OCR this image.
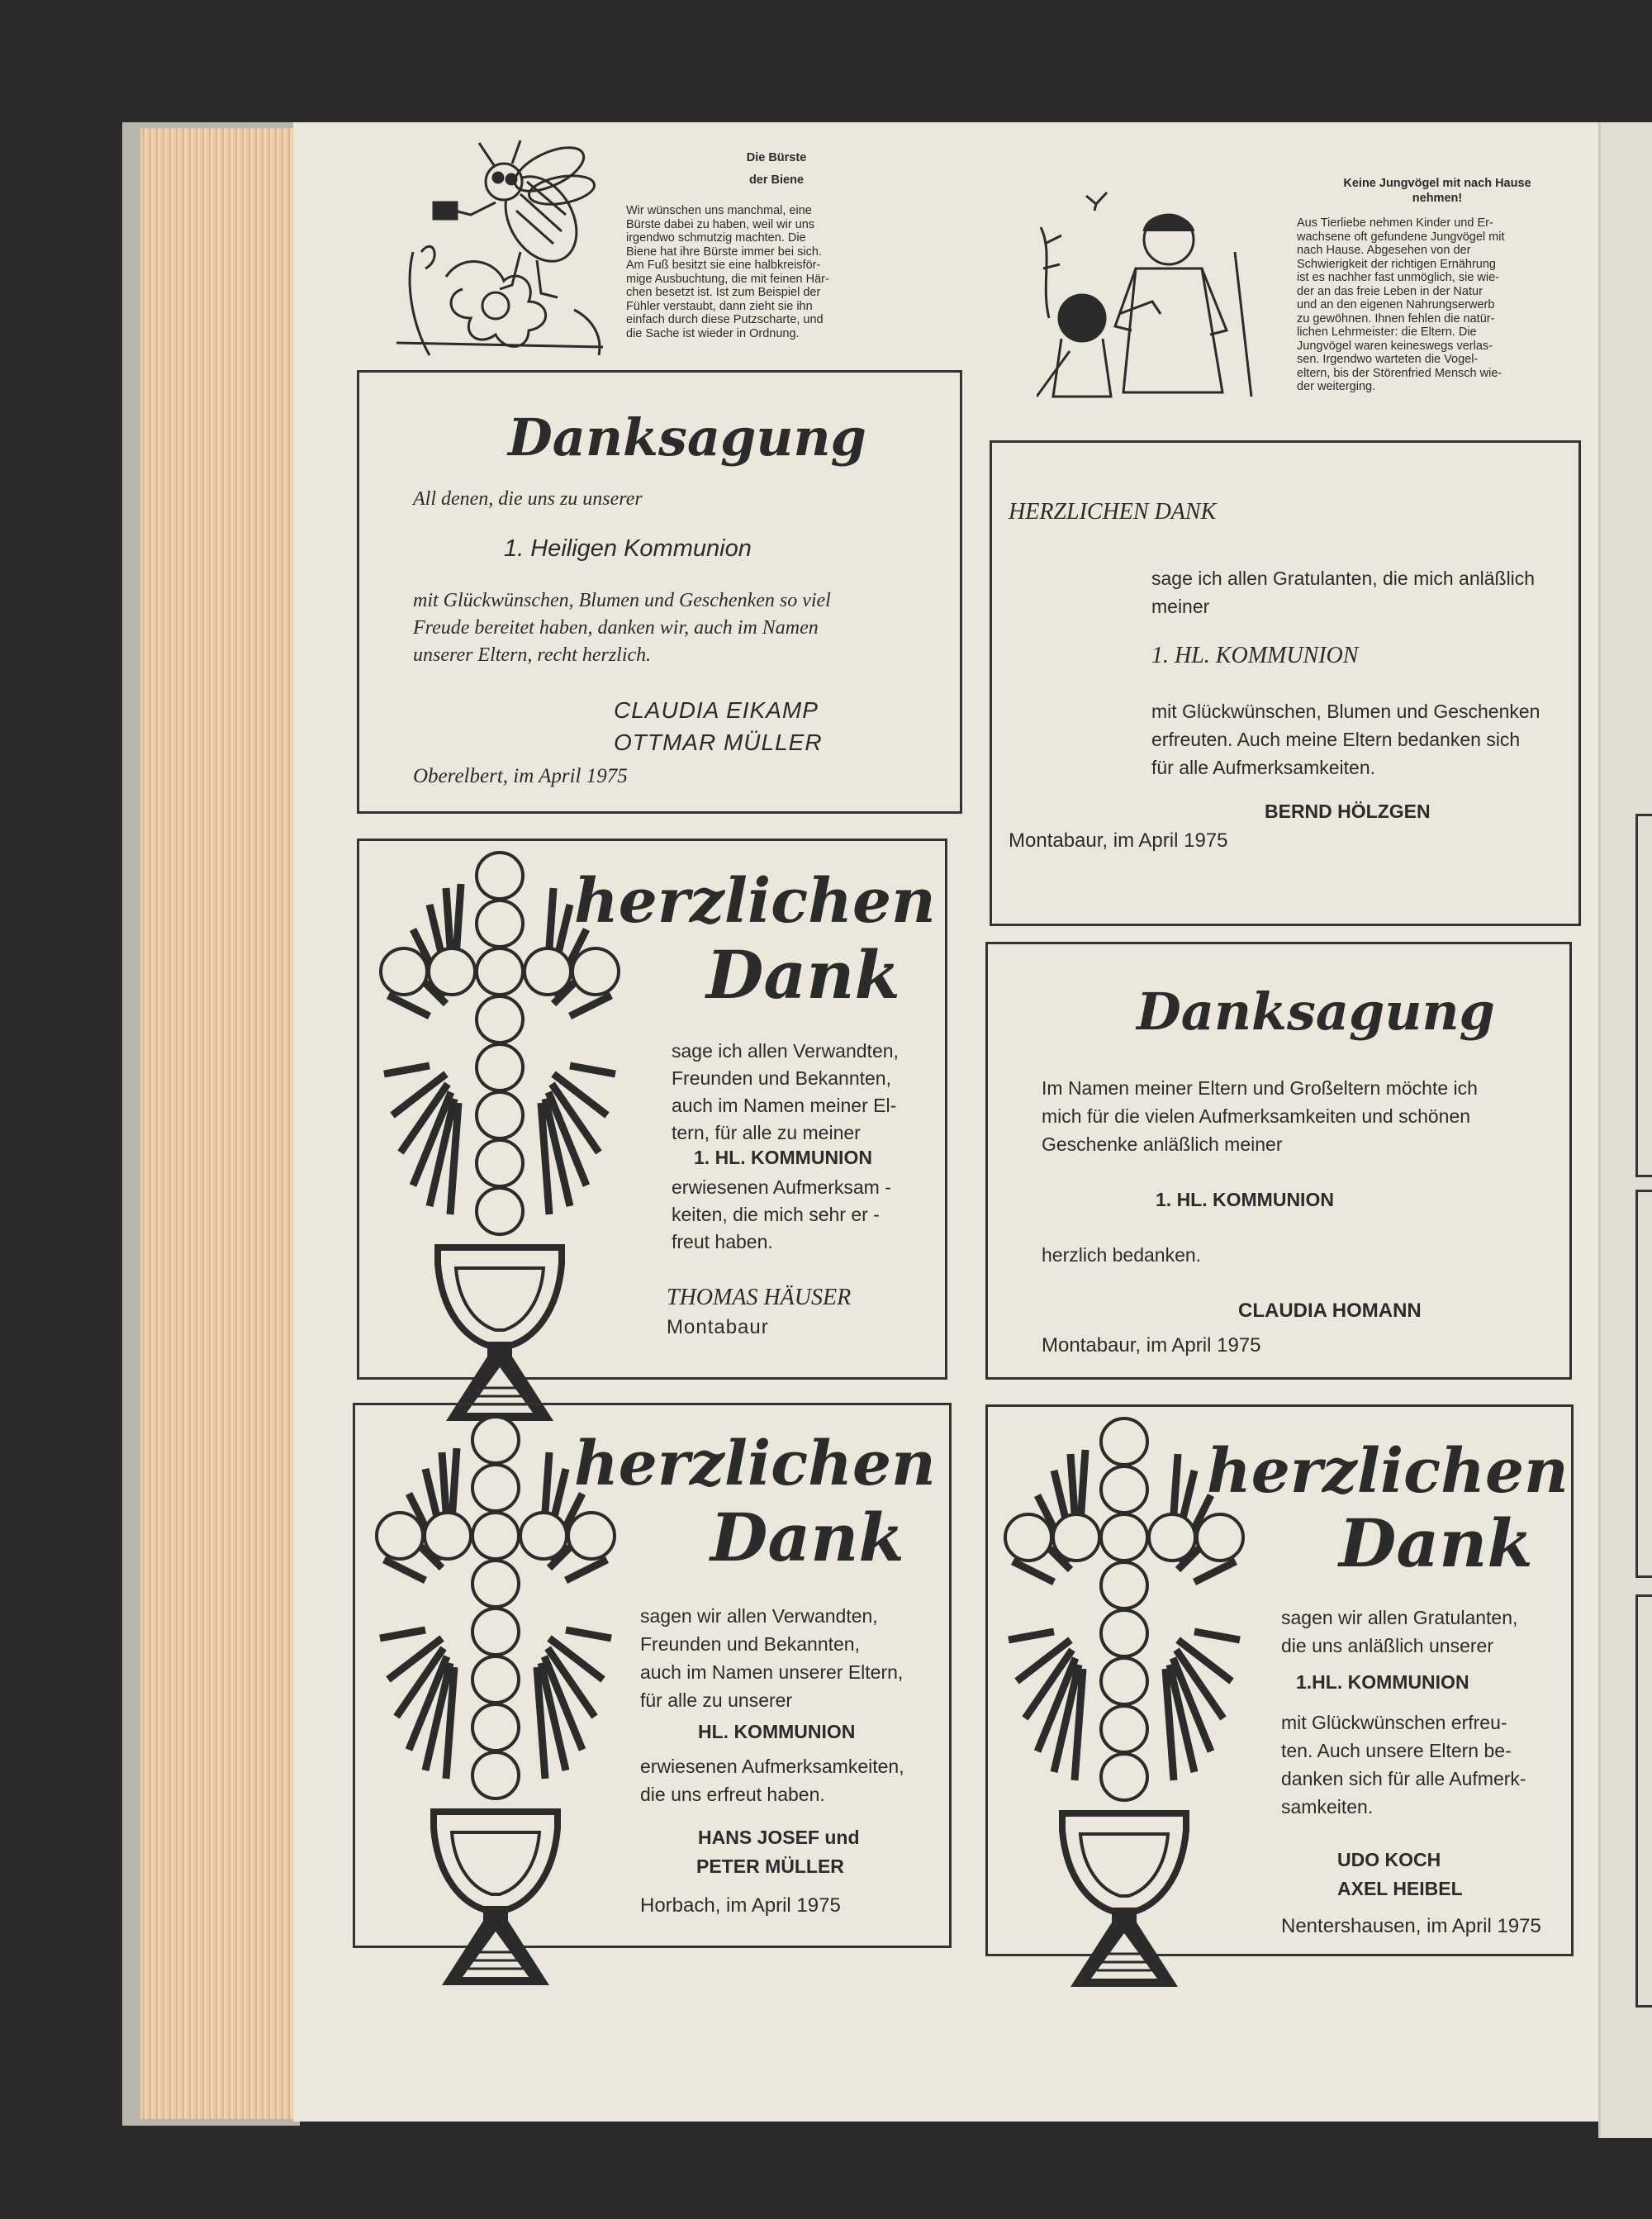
Die Bürste
der Biene
Wir wünschen uns manchmal, eine
Bürste dabei zu haben, weil wir uns
irgendwo schmutzig machten. Die
Biene hat ihre Bürste immer bei sich.
Am Fuß besitzt sie eine halbkreisför-
mige Ausbuchtung, die mit feinen Här-
chen besetzt ist. Ist zum Beispiel der
Fühler verstaubt, dann zieht sie ihn
einfach durch diese Putzscharte, und
die Sache ist wieder in Ordnung.
Keine Jungvögel mit nach Hause
nehmen!
Aus Tierliebe nehmen Kinder und Er-
wachsene oft gefundene Jungvögel mit
nach Hause. Abgesehen von der
Schwierigkeit der richtigen Ernährung
ist es nachher fast unmöglich, sie wie-
der an das freie Leben in der Natur
und an den eigenen Nahrungserwerb
zu gewöhnen. Ihnen fehlen die natür-
lichen Lehrmeister: die Eltern. Die
Jungvögel waren keineswegs verlas-
sen. Irgendwo warteten die Vogel-
eltern, bis der Störenfried Mensch wie-
der weiterging.
Danksagung
All denen, die uns zu unserer
1. Heiligen Kommunion
mit Glückwünschen, Blumen und Geschenken so viel
Freude bereitet haben, danken wir, auch im Namen
unserer Eltern, recht herzlich.
CLAUDIA EIKAMP
OTTMAR MÜLLER
Oberelbert, im April 1975
HERZLICHEN DANK
sage ich allen Gratulanten, die mich anläßlich
meiner
1. HL. KOMMUNION
mit Glückwünschen, Blumen und Geschenken
erfreuten. Auch meine Eltern bedanken sich
für alle Aufmerksamkeiten.
BERND HÖLZGEN
Montabaur, im April 1975
herzlichen
Dank
sage ich allen Verwandten,
Freunden und Bekannten,
auch im Namen meiner El-
tern, für alle zu meiner
1. HL. KOMMUNION
erwiesenen Aufmerksam -
keiten, die mich sehr er -
freut haben.
THOMAS HÄUSER
Montabaur
Danksagung
Im Namen meiner Eltern und Großeltern möchte ich
mich für die vielen Aufmerksamkeiten und schönen
Geschenke anläßlich meiner
1. HL. KOMMUNION
herzlich bedanken.
CLAUDIA HOMANN
Montabaur, im April 1975
herzlichen
Dank
sagen wir allen Verwandten,
Freunden und Bekannten,
auch im Namen unserer Eltern,
für alle zu unserer
HL. KOMMUNION
erwiesenen Aufmerksamkeiten,
die uns erfreut haben.
HANS JOSEF und
PETER MÜLLER
Horbach, im April 1975
herzlichen
Dank
sagen wir allen Gratulanten,
die uns anläßlich unserer
1.HL. KOMMUNION
mit Glückwünschen erfreu-
ten. Auch unsere Eltern be-
danken sich für alle Aufmerk-
samkeiten.
UDO KOCH
AXEL HEIBEL
Nentershausen, im April 1975
